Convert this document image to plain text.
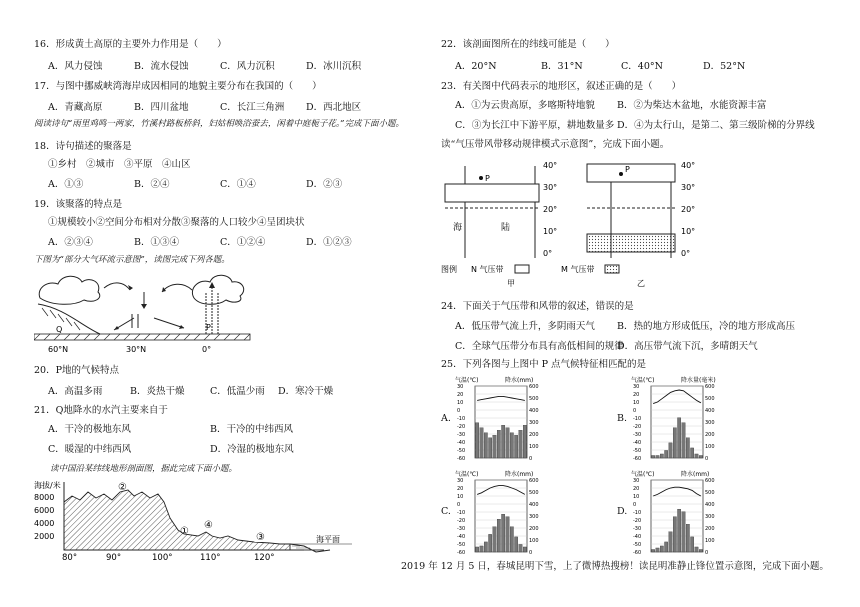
16．形成黄土高原的主要外力作用是（　　）
A．风力侵蚀	B．流水侵蚀	C．风力沉积	D．冰川沉积
17．与图中挪威峡湾海岸成因相同的地貌主要分布在我国的（　　）
A．青藏高原	B．四川盆地	C．长江三角洲 D．西北地区
阅读诗句“雨里鸡鸣一两家，竹溪村路板桥斜，妇姑相唤浴蚕去，闲着中庭栀子花。”完成下面小题。
18．诗句描述的聚落是
①乡村　②城市　③平原　④山区
A．①③	B．②④	C．①④	D．②③
19．该聚落的特点是
①规模较小②空间分布相对分散③聚落的人口较少④呈团块状
A．②③④	B．①③④	C．①②④	D．①②③
下图为“部分大气环流示意图”，读图完成下列各题。
P
Q
60°N	30°N	0°
20．P地的气候特点
A．高温多雨	B．炎热干燥	C．低温少雨 D．寒冷干燥
21．Q地降水的水汽主要来自于
A．干冷的极地东风	B．干冷的中纬西风
C．暖湿的中纬西风	D．冷湿的极地东风
读中国沿某纬线地形剖面图，据此完成下面小题。
海拔/米
8000
6000
4000
2000	海平面
①
②
③
④
80°	90°	100°	110°	120°
22．该剖面图所在的纬线可能是（　　）
A．20°N	B．31°N	C．40°N	D．52°N
23．有关图中代码表示的地形区，叙述正确的是（　　）
A．①为云贵高原，多喀斯特地貌 B．②为柴达木盆地，水能资源丰富
C．③为长江中下游平原，耕地数量多 D．④为太行山，是第二、第三级阶梯的分界线
读“气压带风带移动规律模式示意图”，完成下面小题。
P
海	陆
40°
30°
20°
10°
0°
P	40°
30°
20°
10°
0°
图例 N 气压带	M 气压带
甲	乙
24．下面关于气压带和风带的叙述，错误的是
A．低压带气流上升，多阴雨天气 B．热的地方形成低压，冷的地方形成高压
C．全球气压带分布具有高低相间的规律
D．高压带气流下沉，多晴朗天气
25．下列各图与上图中 P 点气候特征相匹配的是
A.	B.
C.	D.
气温(℃)	降水(mm)
30
20
10
0
-10
-20
-30
-40
-50
-60
600
500
400
300
200
100
0
气温(℃)	降水量(毫米)
30
20
10
0
-10
-20
-30
-40
-50
-60
600
500
400
300
200
100
0
气温(℃)	降水(mm)
30
20
10
0
-10
-20
-30
-40
-50
-60
600
500
400
300
200
100
0
气温(℃)	降水(mm)
30
20
10
0
-10
-20
-30
-40
-50
-60
600
500
400
300
200
100
0
2019 年 12 月 5 日，春城昆明下雪，上了微博热搜榜！读昆明准静止锋位置示意图，完成下面小题。
